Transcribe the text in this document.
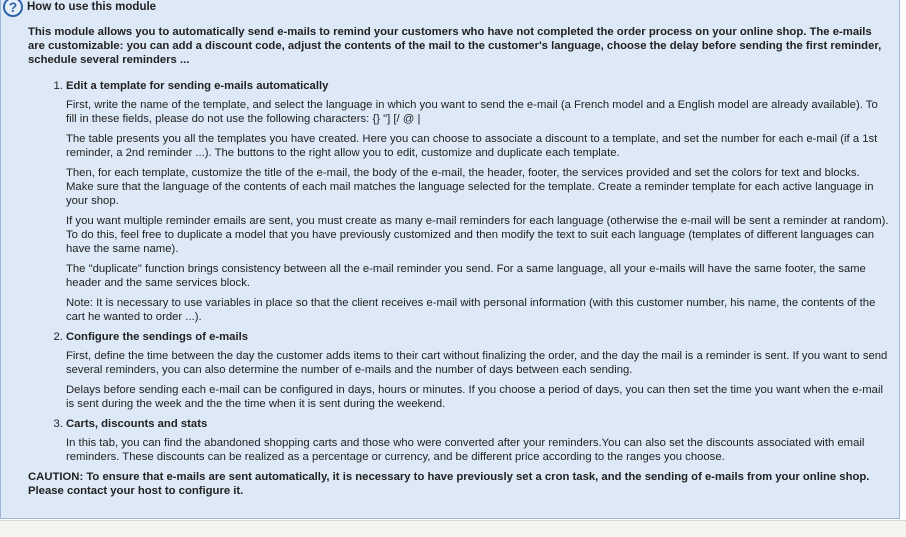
? How to use this module

This module allows you to automatically send e-mails to remind your customers who have not completed the order process on your online shop. The e-mails are customizable: you can add a discount code, adjust the contents of the mail to the customer's language, choose the delay before sending the first reminder, schedule several reminders ...

1. Edit a template for sending e-mails automatically

First, write the name of the template, and select the language in which you want to send the e-mail (a French model and a English model are already available). To fill in these fields, please do not use the following characters: {} "] [/ @ |

The table presents you all the templates you have created. Here you can choose to associate a discount to a template, and set the number for each e-mail (if a 1st reminder, a 2nd reminder ...). The buttons to the right allow you to edit, customize and duplicate each template.

Then, for each template, customize the title of the e-mail, the body of the e-mail, the header, footer, the services provided and set the colors for text and blocks. Make sure that the language of the contents of each mail matches the language selected for the template. Create a reminder template for each active language in your shop.

If you want multiple reminder emails are sent, you must create as many e-mail reminders for each language (otherwise the e-mail will be sent a reminder at random). To do this, feel free to duplicate a model that you have previously customized and then modify the text to suit each language (templates of different languages can have the same name).

The "duplicate" function brings consistency between all the e-mail reminder you send. For a same language, all your e-mails will have the same footer, the same header and the same services block.

Note: It is necessary to use variables in place so that the client receives e-mail with personal information (with this customer number, his name, the contents of the cart he wanted to order ...).

2. Configure the sendings of e-mails

First, define the time between the day the customer adds items to their cart without finalizing the order, and the day the mail is a reminder is sent. If you want to send several reminders, you can also determine the number of e-mails and the number of days between each sending.

Delays before sending each e-mail can be configured in days, hours or minutes. If you choose a period of days, you can then set the time you want when the e-mail is sent during the week and the the time when it is sent during the weekend.

3. Carts, discounts and stats

In this tab, you can find the abandoned shopping carts and those who were converted after your reminders.You can also set the discounts associated with email reminders. These discounts can be realized as a percentage or currency, and be different price according to the ranges you choose.

CAUTION: To ensure that e-mails are sent automatically, it is necessary to have previously set a cron task, and the sending of e-mails from your online shop. Please contact your host to configure it.
